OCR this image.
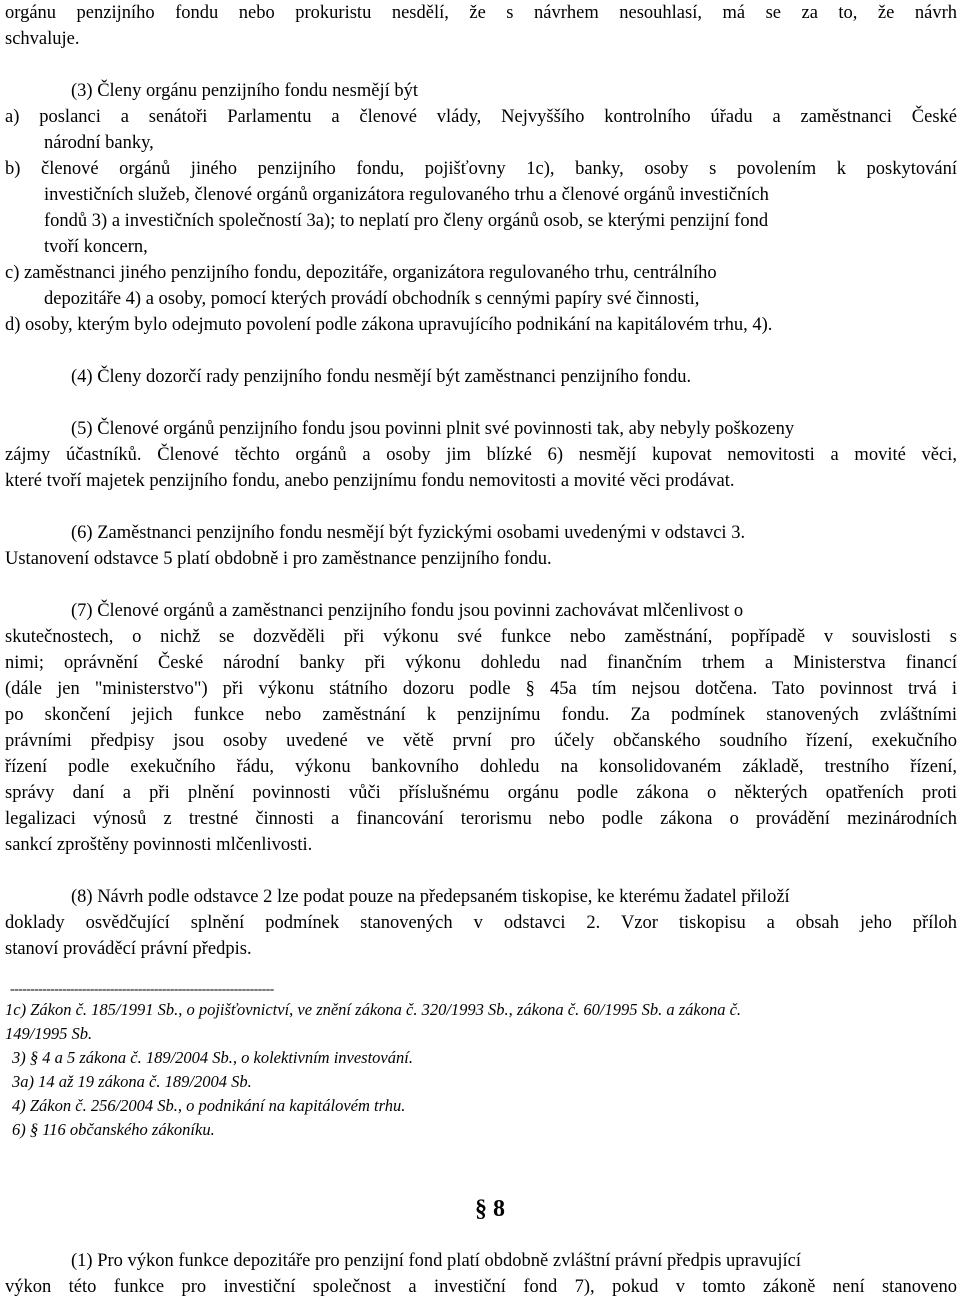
orgánu penzijního fondu nebo prokuristu nesdělí, že s návrhem nesouhlasí, má se za to, že návrh
schvaluje.
(3) Členy orgánu penzijního fondu nesmějí být
a) poslanci a senátoři Parlamentu a členové vlády, Nejvyššího kontrolního úřadu a zaměstnanci České
národní banky,
b) členové orgánů jiného penzijního fondu, pojišťovny 1c), banky, osoby s povolením k poskytování
investičních služeb, členové orgánů organizátora regulovaného trhu a členové orgánů investičních
fondů 3) a investičních společností 3a); to neplatí pro členy orgánů osob, se kterými penzijní fond
tvoří koncern,
c) zaměstnanci jiného penzijního fondu, depozitáře, organizátora regulovaného trhu, centrálního
depozitáře 4) a osoby, pomocí kterých provádí obchodník s cennými papíry své činnosti,
d) osoby, kterým bylo odejmuto povolení podle zákona upravujícího podnikání na kapitálovém trhu, 4).
(4) Členy dozorčí rady penzijního fondu nesmějí být zaměstnanci penzijního fondu.
(5) Členové orgánů penzijního fondu jsou povinni plnit své povinnosti tak, aby nebyly poškozeny
zájmy účastníků. Členové těchto orgánů a osoby jim blízké 6) nesmějí kupovat nemovitosti a movité věci,
které tvoří majetek penzijního fondu, anebo penzijnímu fondu nemovitosti a movité věci prodávat.
(6) Zaměstnanci penzijního fondu nesmějí být fyzickými osobami uvedenými v odstavci 3.
Ustanovení odstavce 5 platí obdobně i pro zaměstnance penzijního fondu.
(7) Členové orgánů a zaměstnanci penzijního fondu jsou povinni zachovávat mlčenlivost o
skutečnostech, o nichž se dozvěděli při výkonu své funkce nebo zaměstnání, popřípadě v souvislosti s
nimi; oprávnění České národní banky při výkonu dohledu nad finančním trhem a Ministerstva financí
(dále jen "ministerstvo") při výkonu státního dozoru podle § 45a tím nejsou dotčena. Tato povinnost trvá i
po skončení jejich funkce nebo zaměstnání k penzijnímu fondu. Za podmínek stanovených zvláštními
právními předpisy jsou osoby uvedené ve větě první pro účely občanského soudního řízení, exekučního
řízení podle exekučního řádu, výkonu bankovního dohledu na konsolidovaném základě, trestního řízení,
správy daní a při plnění povinnosti vůči příslušnému orgánu podle zákona o některých opatřeních proti
legalizaci výnosů z trestné činnosti a financování terorismu nebo podle zákona o provádění mezinárodních
sankcí zproštěny povinnosti mlčenlivosti.
(8) Návrh podle odstavce 2 lze podat pouze na předepsaném tiskopise, ke kterému žadatel přiloží
doklady osvědčující splnění podmínek stanovených v odstavci 2. Vzor tiskopisu a obsah jeho příloh
stanoví prováděcí právní předpis.
------------------------------------------------------------------
1c) Zákon č. 185/1991 Sb., o pojišťovnictví, ve znění zákona č. 320/1993 Sb., zákona č. 60/1995 Sb. a zákona č.
149/1995 Sb.
3) § 4 a 5 zákona č. 189/2004 Sb., o kolektivním investování.
3a) 14 až 19 zákona č. 189/2004 Sb.
4) Zákon č. 256/2004 Sb., o podnikání na kapitálovém trhu.
6) § 116 občanského zákoníku.
§ 8
(1) Pro výkon funkce depozitáře pro penzijní fond platí obdobně zvláštní právní předpis upravující
výkon této funkce pro investiční společnost a investiční fond 7), pokud v tomto zákoně není stanoveno
